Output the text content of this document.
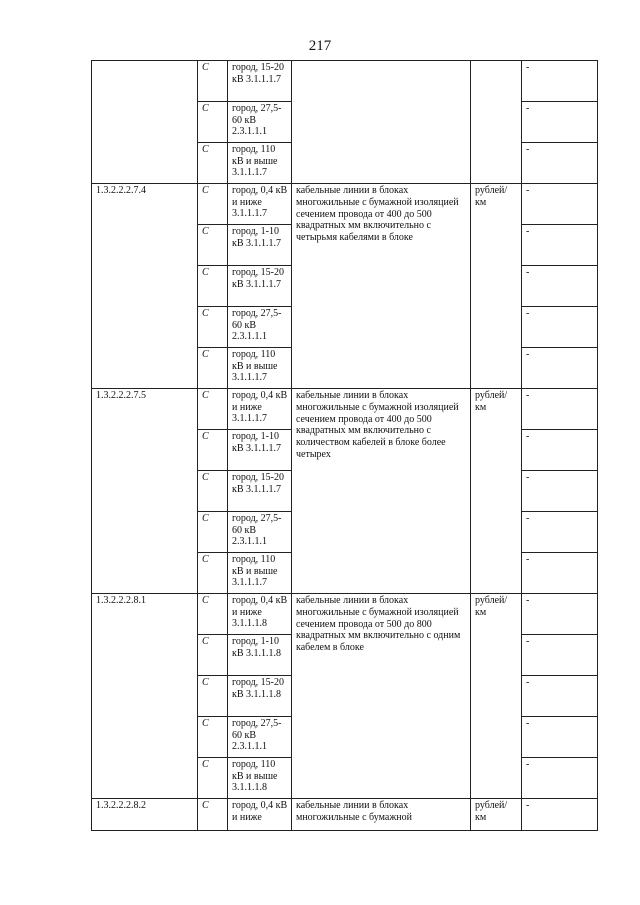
217
	С	город, 15-20 кВ 3.1.1.1.7			-
	С	город, 27,5-60 кВ 2.3.1.1.1			-
	С	город, 110 кВ и выше 3.1.1.1.7			-
1.3.2.2.2.7.4	С	город, 0,4 кВ и ниже 3.1.1.1.7	кабельные линии в блоках многожильные с бумажной изоляцией сечением провода от 400 до 500 квадратных мм включительно с четырьмя кабелями в блоке	рублей/ км	-
	С	город, 1-10 кВ 3.1.1.1.7			-
	С	город, 15-20 кВ 3.1.1.1.7			-
	С	город, 27,5-60 кВ 2.3.1.1.1			-
	С	город, 110 кВ и выше 3.1.1.1.7			-
1.3.2.2.2.7.5	С	город, 0,4 кВ и ниже 3.1.1.1.7	кабельные линии в блоках многожильные с бумажной изоляцией сечением провода от 400 до 500 квадратных мм включительно с количеством кабелей в блоке более четырех	рублей/ км	-
	С	город, 1-10 кВ 3.1.1.1.7			-
	С	город, 15-20 кВ 3.1.1.1.7			-
	С	город, 27,5-60 кВ 2.3.1.1.1			-
	С	город, 110 кВ и выше 3.1.1.1.7			-
1.3.2.2.2.8.1	С	город, 0,4 кВ и ниже 3.1.1.1.8	кабельные линии в блоках многожильные с бумажной изоляцией сечением провода от 500 до 800 квадратных мм включительно с одним кабелем в блоке	рублей/ км	-
	С	город, 1-10 кВ 3.1.1.1.8			-
	С	город, 15-20 кВ 3.1.1.1.8			-
	С	город, 27,5-60 кВ 2.3.1.1.1			-
	С	город, 110 кВ и выше 3.1.1.1.8			-
1.3.2.2.2.8.2	С	город, 0,4 кВ и ниже	кабельные линии в блоках многожильные с бумажной	рублей/ км	-
